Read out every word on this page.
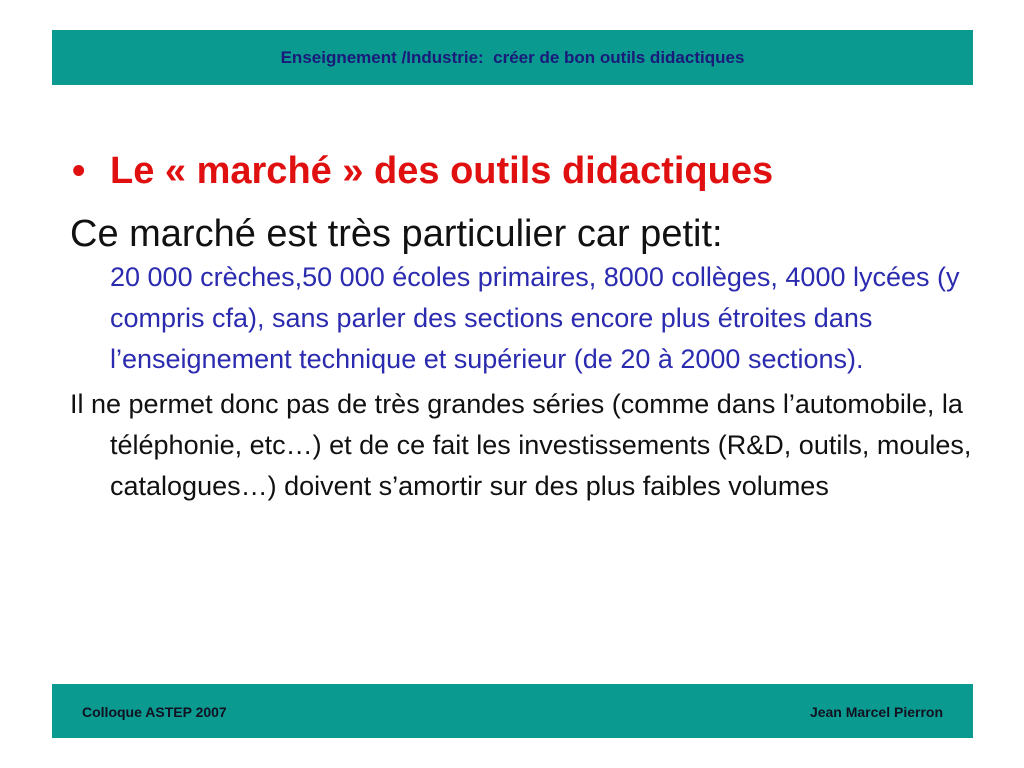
Enseignement /Industrie:  créer de bon outils didactiques
• Le « marché » des outils didactiques
Ce marché est très particulier car petit:
20 000 crèches,50 000 écoles primaires, 8000 collèges, 4000 lycées (y compris cfa), sans parler des sections encore plus étroites dans l’enseignement technique et supérieur (de 20 à 2000 sections).
Il ne permet donc pas de très grandes séries (comme dans l’automobile, la téléphonie, etc…) et de ce fait les investissements (R&D, outils, moules, catalogues…) doivent s’amortir sur des plus faibles volumes
Colloque ASTEP 2007	Jean Marcel Pierron
